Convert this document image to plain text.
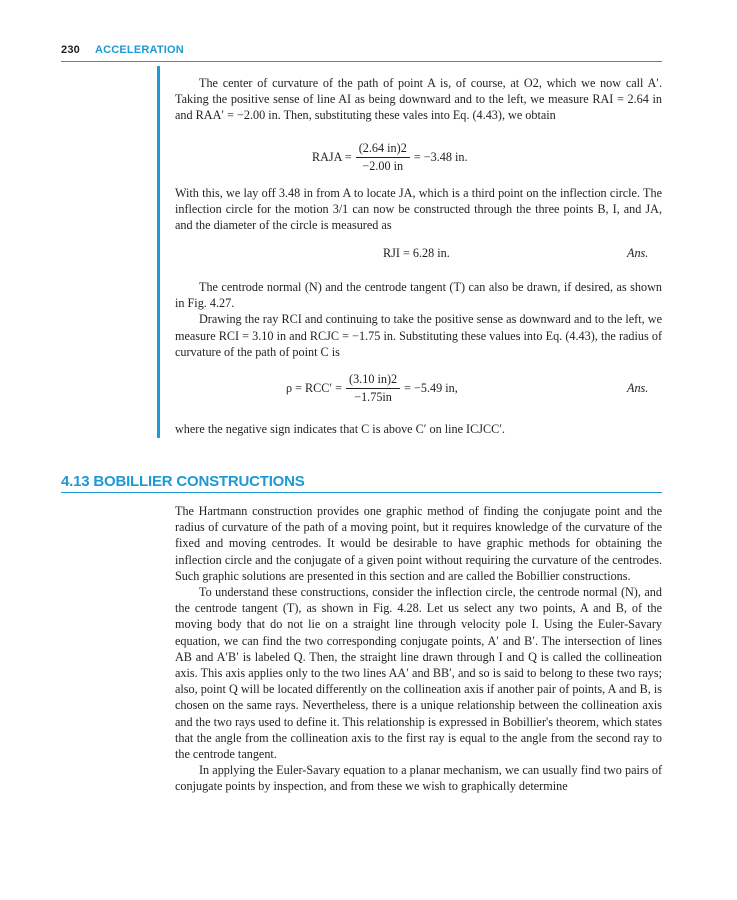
230 ACCELERATION

The center of curvature of the path of point A is, of course, at O2, which we now call A′. Taking the positive sense of line AI as being downward and to the left, we measure RAI = 2.64 in and RAA′ = −2.00 in. Then, substituting these vales into Eq. (4.43), we obtain

RAJA = $\frac{(2.64 in)2}{-2.00 in} = -3.48$ in.

With this, we lay off 3.48 in from A to locate JA, which is a third point on the inflection circle. The inflection circle for the motion 3/1 can now be constructed through the three points B, I, and JA, and the diameter of the circle is measured as

RJI = 6.28 in.	Ans.

The centrode normal (N) and the centrode tangent (T) can also be drawn, if desired, as shown in Fig. 4.27.

Drawing the ray RCI and continuing to take the positive sense as downward and to the left, we measure RCI = 3.10 in and RCJC = −1.75 in. Substituting these values into Eq. (4.43), the radius of curvature of the path of point C is

$\rho = RCC' = \frac{(3.10 in)2}{-1.75in} = -5.49$ in,	Ans.

where the negative sign indicates that C is above C′ on line ICJCC′.

4.13 BOBILLIER CONSTRUCTIONS

The Hartmann construction provides one graphic method of finding the conjugate point and the radius of curvature of the path of a moving point, but it requires knowledge of the curvature of the fixed and moving centrodes. It would be desirable to have graphic methods for obtaining the inflection circle and the conjugate of a given point without requiring the curvature of the centrodes. Such graphic solutions are presented in this section and are called the Bobillier constructions.

To understand these constructions, consider the inflection circle, the centrode normal (N), and the centrode tangent (T), as shown in Fig. 4.28. Let us select any two points, A and B, of the moving body that do not lie on a straight line through velocity pole I. Using the Euler-Savary equation, we can find the two corresponding conjugate points, A′ and B′. The intersection of lines AB and A′B′ is labeled Q. Then, the straight line drawn through I and Q is called the collineation axis. This axis applies only to the two lines AA′ and BB′, and so is said to belong to these two rays; also, point Q will be located differently on the collineation axis if another pair of points, A and B, is chosen on the same rays. Nevertheless, there is a unique relationship between the collineation axis and the two rays used to define it. This relationship is expressed in Bobillier's theorem, which states that the angle from the collineation axis to the first ray is equal to the angle from the second ray to the centrode tangent.

In applying the Euler-Savary equation to a planar mechanism, we can usually find two pairs of conjugate points by inspection, and from these we wish to graphically determine
